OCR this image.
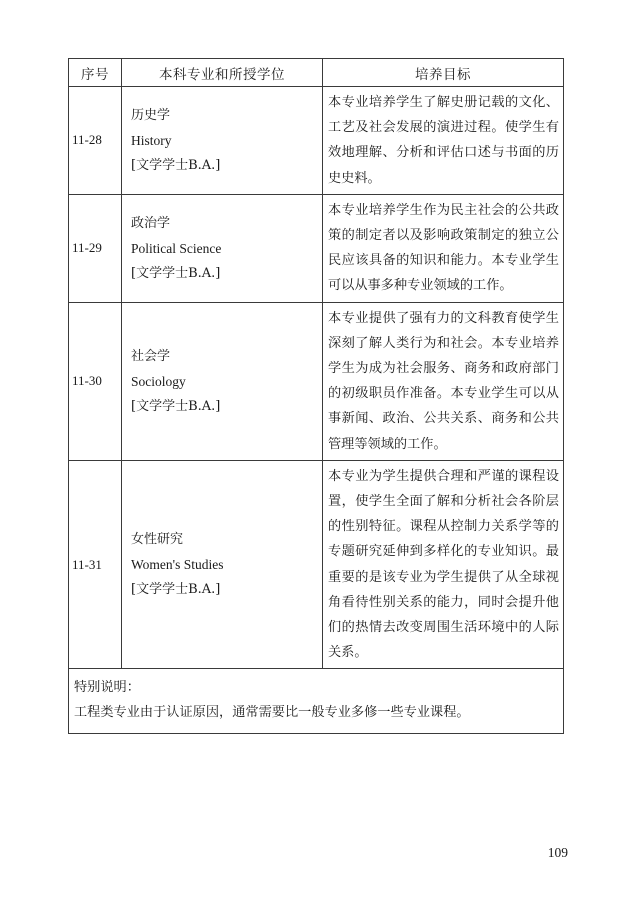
序号	本科专业和所授学位	培养目标
11-28	历史学
History
[文学学士B.A.]	本专业培养学生了解史册记载的文化、工艺及社会发展的演进过程。使学生有效地理解、分析和评估口述与书面的历史史料。

11-29	政治学
Political Science
[文学学士B.A.]	本专业培养学生作为民主社会的公共政策的制定者以及影响政策制定的独立公民应该具备的知识和能力。本专业学生可以从事多种专业领域的工作。

11-30	社会学
Sociology
[文学学士B.A.]	本专业提供了强有力的文科教育使学生深刻了解人类行为和社会。本专业培养学生为成为社会服务、商务和政府部门的初级职员作准备。本专业学生可以从事新闻、政治、公共关系、商务和公共管理等领域的工作。

11-31	女性研究
Women's Studies
[文学学士B.A.]	本专业为学生提供合理和严谨的课程设置，使学生全面了解和分析社会各阶层的性别特征。课程从控制力关系学等的专题研究延伸到多样化的专业知识。最重要的是该专业为学生提供了从全球视角看待性别关系的能力，同时会提升他们的热情去改变周围生活环境中的人际关系。

特别说明：
工程类专业由于认证原因，通常需要比一般专业多修一些专业课程。		
109
